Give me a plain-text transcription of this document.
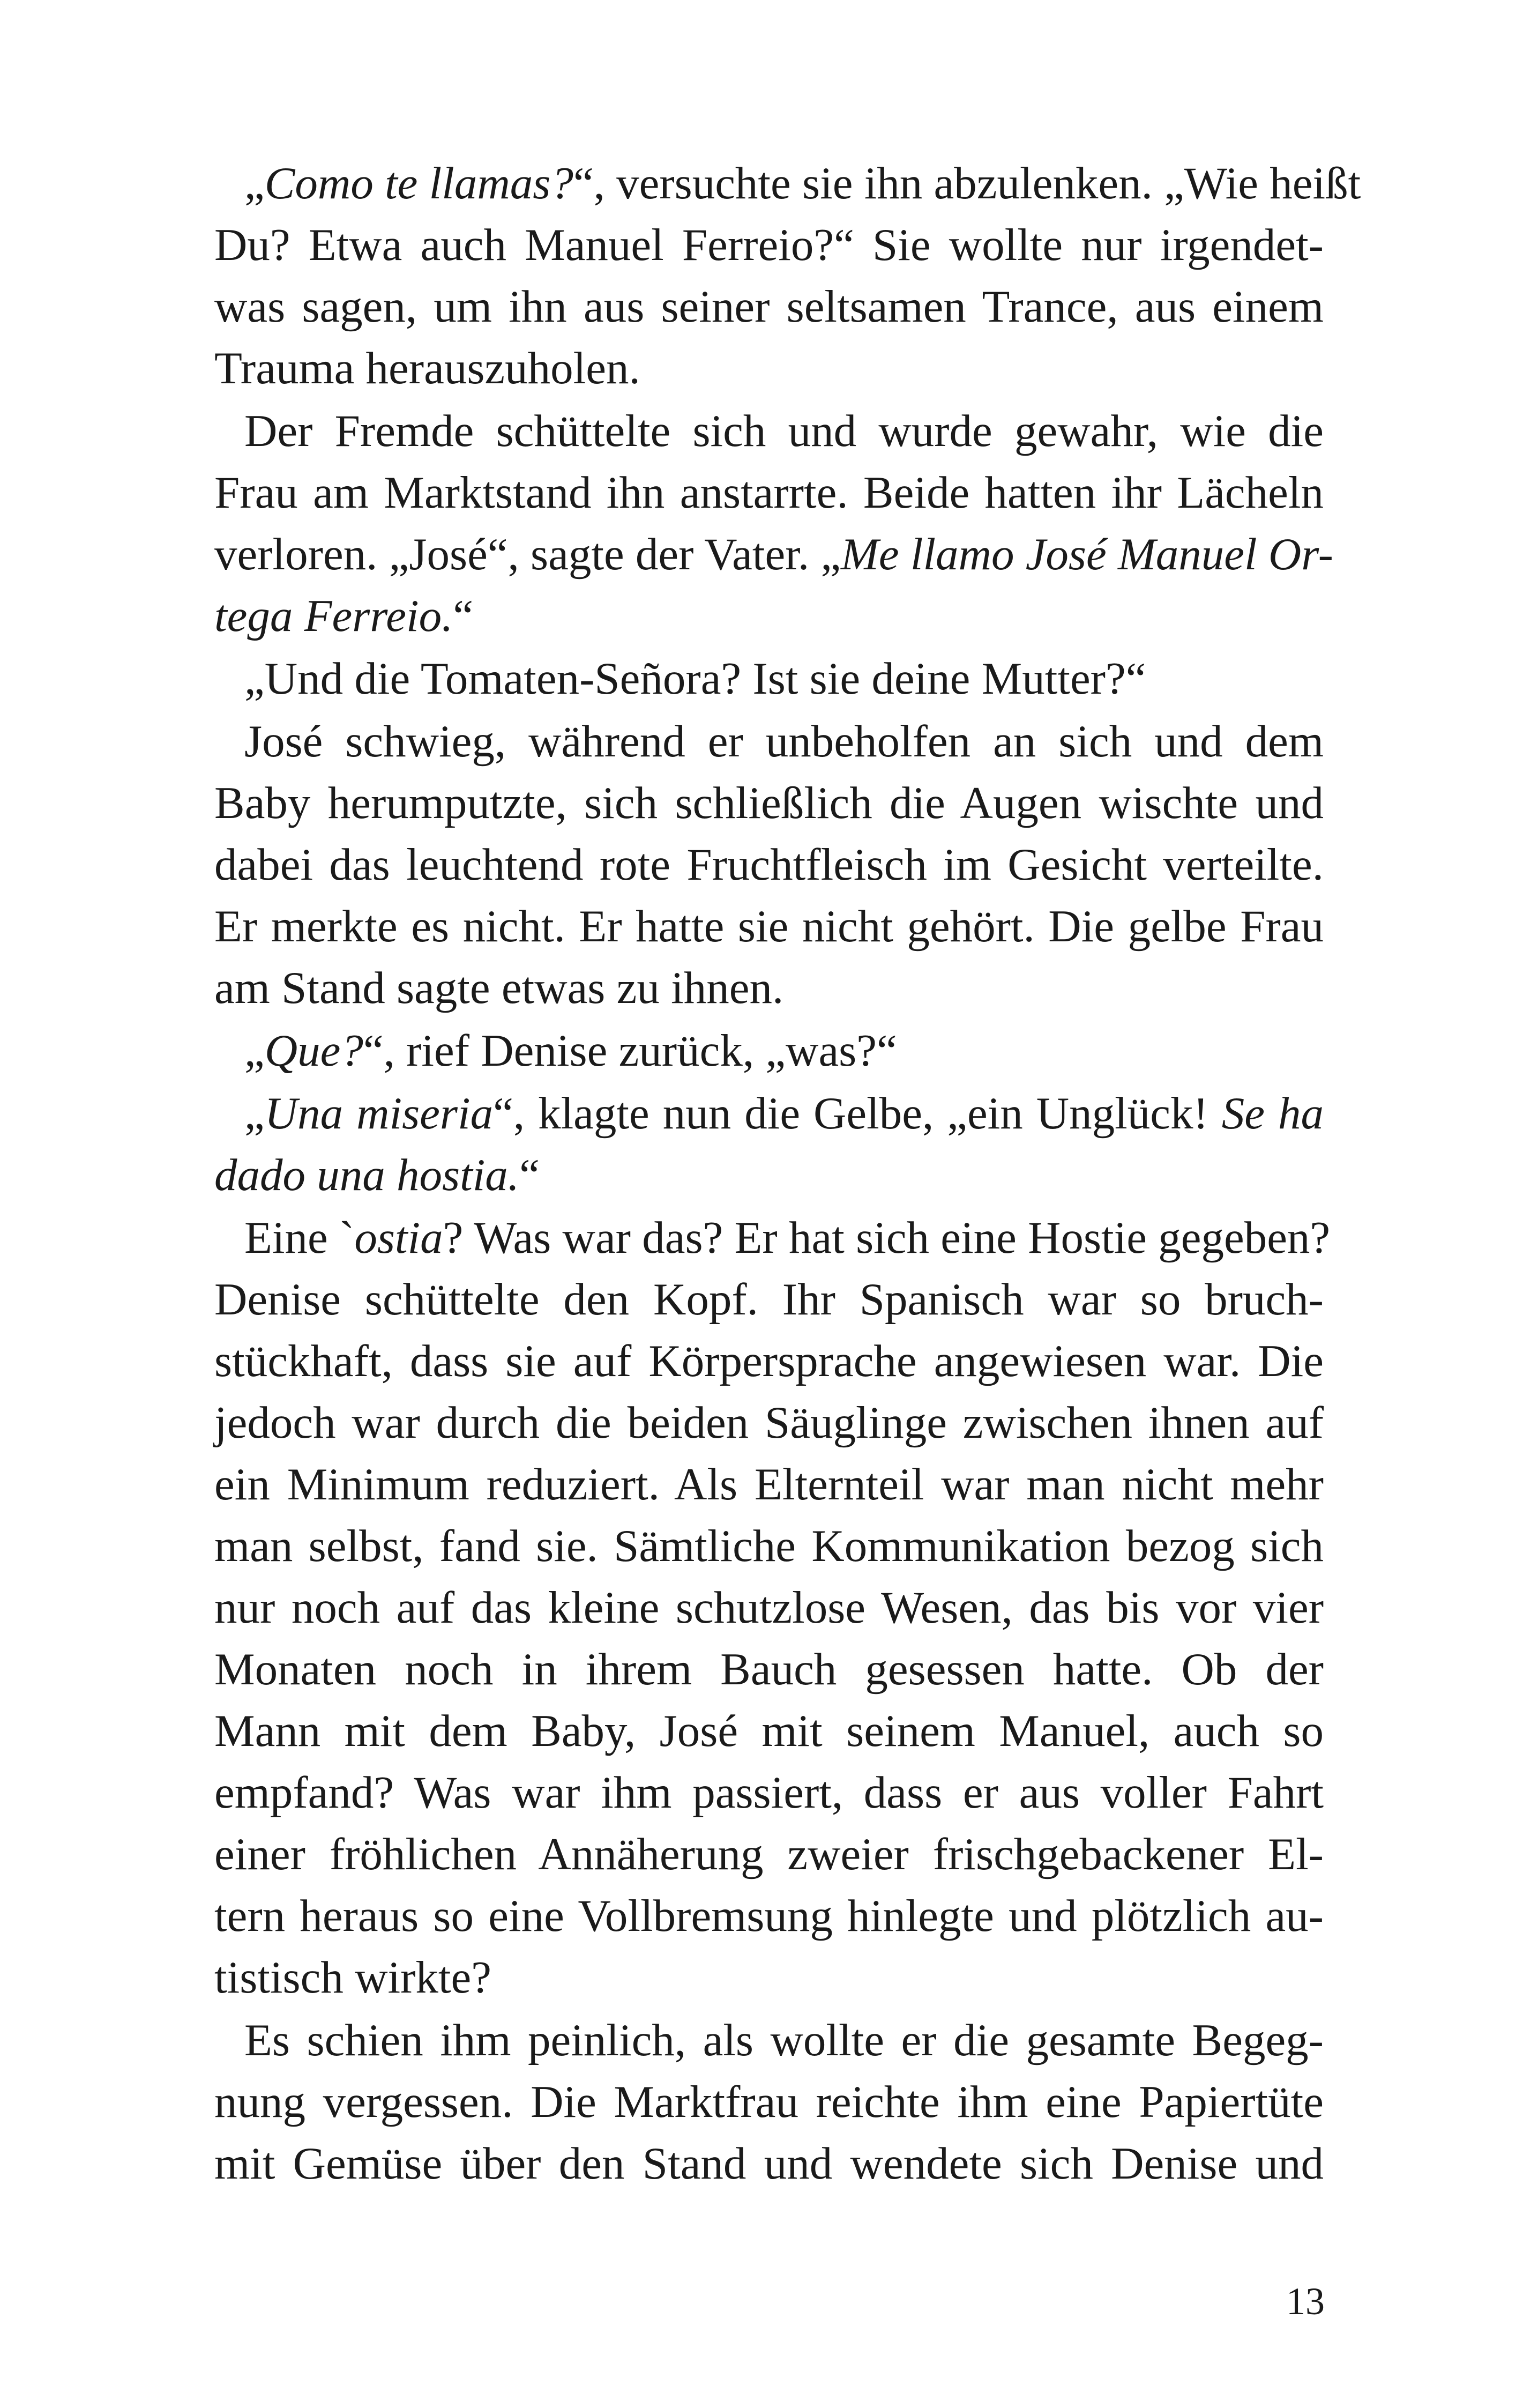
„Como te llamas?“, versuchte sie ihn abzulenken. „Wie heißt
Du? Etwa auch Manuel Ferreio?“ Sie wollte nur irgendet-
was sagen, um ihn aus seiner seltsamen Trance, aus einem
Trauma herauszuholen.

Der Fremde schüttelte sich und wurde gewahr, wie die
Frau am Marktstand ihn anstarrte. Beide hatten ihr Lächeln
verloren. „José“, sagte der Vater. „Me llamo José Manuel Or-
tega Ferreio.“

„Und die Tomaten-Señora? Ist sie deine Mutter?“

José schwieg, während er unbeholfen an sich und dem
Baby herumputzte, sich schließlich die Augen wischte und
dabei das leuchtend rote Fruchtfleisch im Gesicht verteilte.
Er merkte es nicht. Er hatte sie nicht gehört. Die gelbe Frau
am Stand sagte etwas zu ihnen.

„Que?“, rief Denise zurück, „was?“

„Una miseria“, klagte nun die Gelbe, „ein Unglück! Se ha
dado una hostia.“

Eine `ostia? Was war das? Er hat sich eine Hostie gegeben?
Denise schüttelte den Kopf. Ihr Spanisch war so bruch-
stückhaft, dass sie auf Körpersprache angewiesen war. Die
jedoch war durch die beiden Säuglinge zwischen ihnen auf
ein Minimum reduziert. Als Elternteil war man nicht mehr
man selbst, fand sie. Sämtliche Kommunikation bezog sich
nur noch auf das kleine schutzlose Wesen, das bis vor vier
Monaten noch in ihrem Bauch gesessen hatte. Ob der
Mann mit dem Baby, José mit seinem Manuel, auch so
empfand? Was war ihm passiert, dass er aus voller Fahrt
einer fröhlichen Annäherung zweier frischgebackener El-
tern heraus so eine Vollbremsung hinlegte und plötzlich au-
tistisch wirkte?

Es schien ihm peinlich, als wollte er die gesamte Begeg-
nung vergessen. Die Marktfrau reichte ihm eine Papiertüte
mit Gemüse über den Stand und wendete sich Denise und

13
